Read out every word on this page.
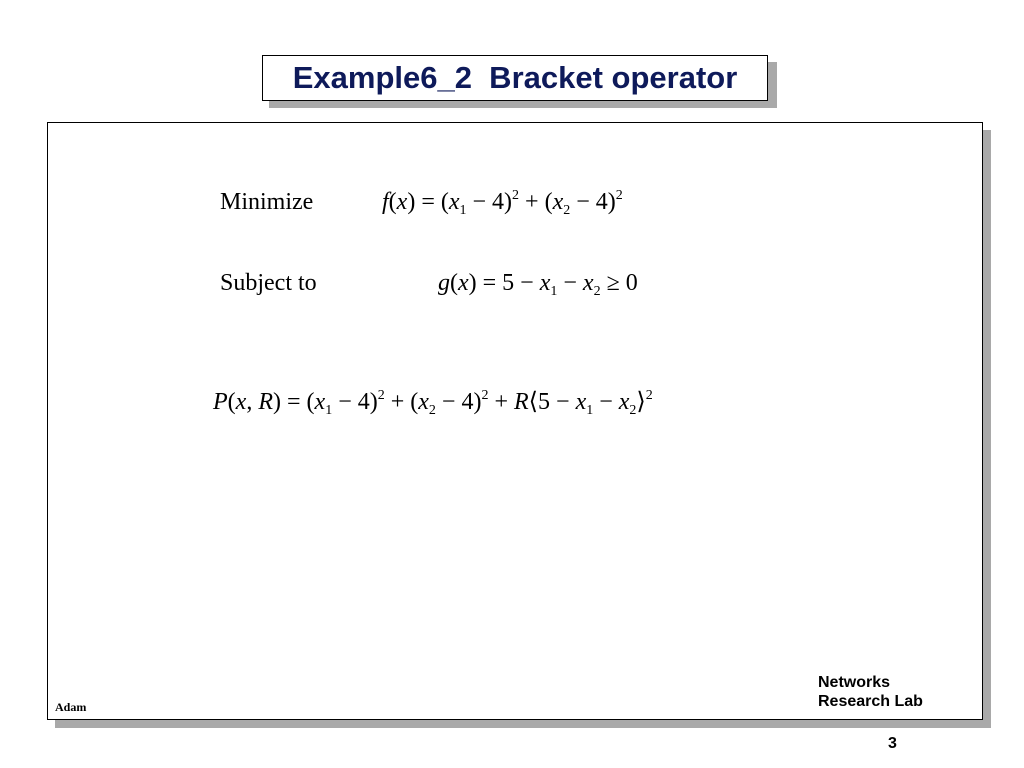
Example6_2  Bracket operator
Minimize	$f(x) = (x_1 - 4)^2 + (x_2 - 4)^2$
Subject to	$g(x) = 5 - x_1 - x_2 \ge 0$
P(x, $R) = (x_1 - 4)^2 + (x_2 - 4)^2$ + R⟨5 − $x_1$ − $x_2⟩^2$
Adam
Networks
Research Lab
3
